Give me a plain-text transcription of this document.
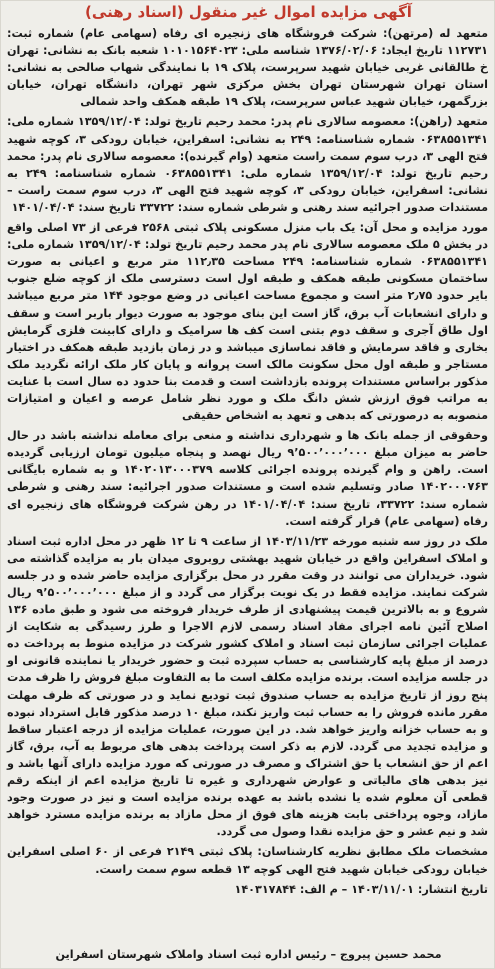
آگهی مزایده اموال غیر منقول (اسناد رهنی)

متعهد له (مرتهن): شرکت فروشگاه های زنجیره ای رفاه (سهامی عام) شماره ثبت: ۱۱۲۷۳۱ تاریخ ایجاد: ۱۳۷۶/۰۲/۰۶ شناسه ملی: ۱۰۱۰۱۵۶۴۰۲۳ شعبه بانک به نشانی: تهران خ طالقانی غربی خیابان شهید سرپرست، پلاک ۱۹ با نمایندگی شهاب صالحی به نشانی: استان تهران شهرستان تهران بخش مرکزی شهر تهران، دانشگاه تهران، خیابان بزرگمهر، خیابان شهید عباس سرپرست، پلاک ۱۹ طبقه همکف واحد شمالی

متعهد (راهن): معصومه سالاری نام پدر: محمد رحیم تاریخ تولد: ۱۳۵۹/۱۲/۰۴ شماره ملی: ۰۶۳۸۵۵۱۳۴۱ شماره شناسنامه: ۲۴۹ به نشانی: اسفراین، خیابان رودکی ۳، کوچه شهید فتح الهی ۳، درب سوم سمت راست متعهد (وام گیرنده): معصومه سالاری نام پدر: محمد رحیم تاریخ تولد: ۱۳۵۹/۱۲/۰۴ شماره ملی: ۰۶۳۸۵۵۱۳۴۱ شماره شناسنامه: ۲۴۹ به نشانی: اسفراین، خیابان رودکی ۳، کوچه شهید فتح الهی ۳، درب سوم سمت راست – مستندات صدور اجرائیه سند رهنی و شرطی شماره سند: ۳۳۷۲۲ تاریخ سند: ۱۴۰۱/۰۴/۰۴

مورد مزایده و محل آن: یک باب منزل مسکونی پلاک ثبتی ۲۵۶۸ فرعی از ۷۳ اصلی واقع در بخش ۵ ملک معصومه سالاری نام پدر محمد رحیم تاریخ تولد: ۱۳۵۹/۱۲/۰۴ شماره ملی: ۰۶۳۸۵۵۱۳۴۱ شماره شناسنامه: ۲۴۹ مساحت ۱۱۲٫۳۵ متر مربع و اعیانی به صورت ساختمان مسکونی طبقه همکف و طبقه اول است دسترسی ملک از کوچه ضلع جنوب بایر حدود ۲٫۷۵ متر است و مجموع مساحت اعیانی در وضع موجود ۱۴۴ متر مربع میباشد و دارای انشعابات آب برق، گاز است این بنای موجود به صورت دیوار باربر است و سقف اول طاق آجری و سقف دوم بتنی است کف ها سرامیک و دارای کابینت فلزی گرمایش بخاری و فاقد سرمایش و فاقد نماسازی میباشد و در زمان بازدید طبقه همکف در اختیار مستاجر و طبقه اول محل سکونت مالک است پروانه و پایان کار ملک ارائه نگردید ملک مذکور براساس مستندات پرونده بازداشت است و قدمت بنا حدود ده سال است با عنایت به مراتب فوق ارزش شش دانگ ملک و مورد نظر شامل عرصه و اعیان و امتیازات منصوبه به درصورتی که بدهی و تعهد به اشخاص حقیقی

وحقوقی از جمله بانک ها و شهرداری نداشته و منعی برای معامله نداشته باشد در حال حاضر به میزان مبلغ ۹٬۵۰۰٬۰۰۰٬۰۰۰ ریال نهصد و پنجاه میلیون تومان ارزیابی گردیده است. راهن و وام گیرنده پرونده اجرائی کلاسه ۱۴۰۲۰۱۳۰۰۰۳۷۹ و به شماره بایگانی ۱۴۰۲۰۰۰۷۶۳ صادر وتسلیم شده است و مستندات صدور اجرائیه: سند رهنی و شرطی شماره سند: ۳۳۷۲۲، تاریخ سند: ۱۴۰۱/۰۴/۰۴ در رهن شرکت فروشگاه های زنجیره ای رفاه (سهامی عام) قرار گرفته است.

ملک در روز سه شنبه مورخه ۱۴۰۳/۱۱/۲۳ از ساعت ۹ تا ۱۲ ظهر در محل اداره ثبت اسناد و املاک اسفراین واقع در خیابان شهید بهشتی روبروی میدان بار به مزایده گذاشته می شود. خریداران می توانند در وقت مقرر در محل برگزاری مزایده حاضر شده و در جلسه شرکت نمایند. مزایده فقط در یک نوبت برگزار می گردد و از مبلغ ۹٬۵۰۰٬۰۰۰٬۰۰۰ ریال شروع و به بالاترین قیمت پیشنهادی از طرف خریدار فروخته می شود و طبق ماده ۱۳۶ اصلاح آئین نامه اجرای مفاد اسناد رسمی لازم الاجرا و طرز رسیدگی به شکایت از عملیات اجرائی سازمان ثبت اسناد و املاک کشور شرکت در مزایده منوط به پرداخت ده درصد از مبلغ پایه کارشناسی به حساب سپرده ثبت و حضور خریدار یا نماینده قانونی او در جلسه مزایده است. برنده مزایده مکلف است ما به التفاوت مبلغ فروش را ظرف مدت پنج روز از تاریخ مزایده به حساب صندوق ثبت تودیع نماید و در صورتی که ظرف مهلت مقرر مانده فروش را به حساب ثبت واریز نکند، مبلغ ۱۰ درصد مذکور قابل استرداد نبوده و به حساب خزانه واریز خواهد شد. در این صورت، عملیات مزایده از درجه اعتبار ساقط و مزایده تجدید می گردد. لازم به ذکر است پرداخت بدهی های مربوط به آب، برق، گاز اعم از حق انشعاب یا حق اشتراک و مصرف در صورتی که مورد مزایده دارای آنها باشد و نیز بدهی های مالیاتی و عوارض شهرداری و غیره تا تاریخ مزایده اعم از اینکه رقم قطعی آن معلوم شده یا نشده باشد به عهده برنده مزایده است و نیز در صورت وجود مازاد، وجوه پرداختی بابت هزینه های فوق از محل مازاد به برنده مزایده مسترد خواهد شد و نیم عشر و حق مزایده نقدا وصول می گردد.

مشخصات ملک مطابق نظریه کارشناسان: پلاک ثبتی ۲۱۴۹ فرعی از ۶۰ اصلی اسفراین خیابان رودکی خیابان شهید فتح الهی کوچه ۱۳ قطعه سوم سمت راست.

تاریخ انتشار: ۱۴۰۳/۱۱/۰۱ – م الف: ۱۴۰۳۱۷۸۴۴

محمد حسین پیروج – رئیس اداره ثبت اسناد واملاک شهرستان اسفراین
